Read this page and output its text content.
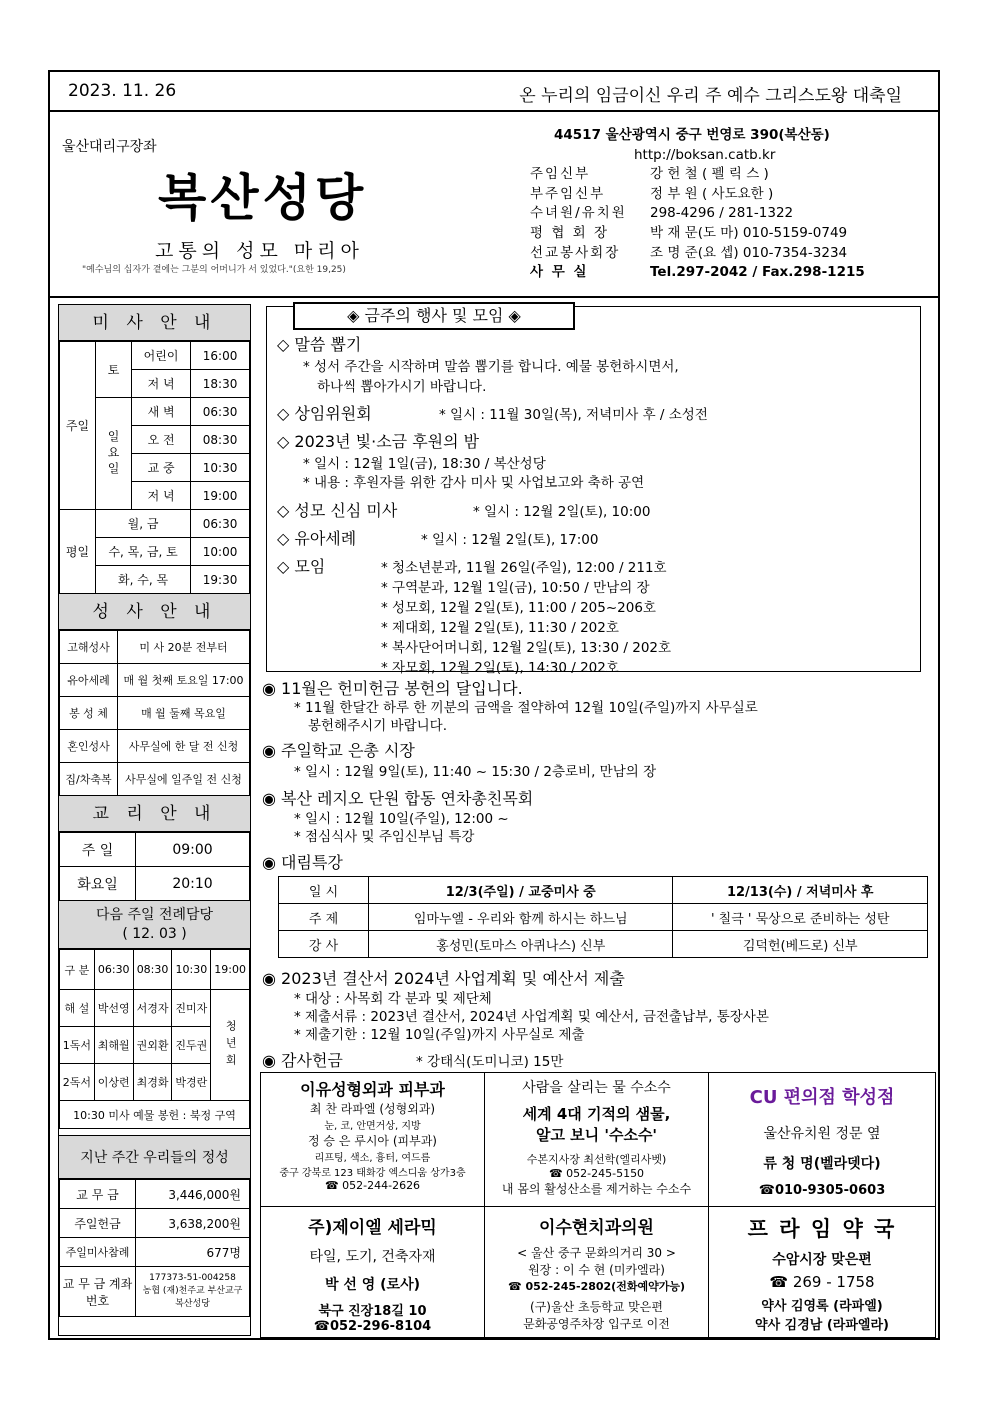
2023. 11. 26	온 누리의 임금이신 우리 주 예수 그리스도왕 대축일
울산대리구장좌
복산성당
고통의 성모 마리아
"예수님의 십자가 곁에는 그분의 어머니가 서 있었다."(요한 19,25)
44517 울산광역시 중구 번영로 390(복산동)
http://boksan.catb.kr
주임신부	강 헌 철 ( 펠 릭 스 )
부주임신부	정 부 원 ( 사도요한 )
수녀원/유치원	298-4296 / 281-1322
평 협 회 장	박 재 문(도 마) 010-5159-0749
선교봉사회장	조 명 준(요 셉) 010-7354-3234
사 무 실	Tel.297-2042 / Fax.298-1215
미 사 안 내
주일	토	어린이	16:00
		저 녁	18:30
	일요일	새 벽	06:30
		오 전	08:30
		교 중	10:30
		저 녁	19:00
평일	월, 금		06:30
	수, 목, 금, 토		10:00
	화, 수, 목		19:30
성 사 안 내
고해성사	미 사 20분 전부터
유아세례	매 월 첫째 토요일 17:00
봉 성 체	매 월 둘째 목요일
혼인성사	사무실에 한 달 전 신청
집/차축복	사무실에 일주일 전 신청
교 리 안 내
주 일	09:00
화요일	20:10
다음 주일 전례담당
( 12. 03 )
구 분	06:30	08:30	10:30	19:00
해 설	박선영	서경자	진미자	청년회
1독서	최해월	권외환	진두권	
2독서	이상련	최경화	박경란	
10:30 미사 예물 봉헌 : 북정 구역				
지난 주간 우리들의 정성
교 무 금	3,446,000원
주일헌금	3,638,200원
주일미사참례	677명
교 무 금 계좌번호	177373-51-004258
농협 (재)천주교 부산교구
복산성당
◈ 금주의 행사 및 모임 ◈
◇ 말씀 뽑기
* 성서 주간을 시작하며 말씀 뽑기를 합니다. 예물 봉헌하시면서,
하나씩 뽑아가시기 바랍니다.
◇ 상임위원회	* 일시 : 11월 30일(목), 저녁미사 후 / 소성전
◇ 2023년 빛·소금 후원의 밤
* 일시 : 12월 1일(금), 18:30 / 복산성당
* 내용 : 후원자를 위한 감사 미사 및 사업보고와 축하 공연
◇ 성모 신심 미사	* 일시 : 12월 2일(토), 10:00
◇ 유아세례	* 일시 : 12월 2일(토), 17:00
◇ 모임	* 청소년분과, 11월 26일(주일), 12:00 / 211호
* 구역분과, 12월 1일(금), 10:50 / 만남의 장
* 성모회, 12월 2일(토), 11:00 / 205~206호
* 제대회, 12월 2일(토), 11:30 / 202호
* 복사단어머니회, 12월 2일(토), 13:30 / 202호
* 자모회, 12월 2일(토), 14:30 / 202호
◉ 11월은 헌미헌금 봉헌의 달입니다.
* 11월 한달간 하루 한 끼분의 금액을 절약하여 12월 10일(주일)까지 사무실로
봉헌해주시기 바랍니다.
◉ 주일학교 은총 시장
* 일시 : 12월 9일(토), 11:40 ~ 15:30 / 2층로비, 만남의 장
◉ 복산 레지오 단원 합동 연차총친목회
* 일시 : 12월 10일(주일), 12:00 ~
* 점심식사 및 주임신부님 특강
◉ 대림특강
일 시	12/3(주일) / 교중미사 중	12/13(수) / 저녁미사 후
주 제	임마누엘 - 우리와 함께 하시는 하느님	' 칠극 ' 묵상으로 준비하는 성탄
강 사	홍성민(토마스 아퀴나스) 신부	김덕헌(베드로) 신부
◉ 2023년 결산서 2024년 사업계획 및 예산서 제출
* 대상 : 사목회 각 분과 및 제단체
* 제출서류 : 2023년 결산서, 2024년 사업계획 및 예산서, 금전출납부, 통장사본
* 제출기한 : 12월 10일(주일)까지 사무실로 제출
◉ 감사헌금	* 강태식(도미니코) 15만
이유성형외과 피부과
최 찬 라파엘 (성형외과)
눈, 코, 안면거상, 지방
정 승 은 루시아 (피부과)
리프팅, 색소, 흉터, 여드름
중구 강북로 123 태화강 엑스디움 상가3층
☎ 052-244-2626
사람을 살리는 물 수소수
세계 4대 기적의 샘물,
알고 보니 '수소수'
수본지사장 최선학(엘리사벳)
☎ 052-245-5150
내 몸의 활성산소를 제거하는 수소수
CU 편의점 학성점
울산유치원 정문 옆
류 청 명(벨라뎃다)
☎010-9305-0603
주)제이엘 세라믹
타일, 도기, 건축자재
박 선 영 (로사)
북구 진장18길 10
☎052-296-8104
이수현치과의원
< 울산 중구 문화의거리 30 >
원장 : 이 수 현 (미카엘라)
☎ 052-245-2802(전화예약가능)
(구)울산 초등학교 맞은편
문화공영주차장 입구로 이전
프 라 임 약 국
수암시장 맞은편
☎ 269 - 1758
약사 김영록 (라파엘)
약사 김경남 (라파엘라)
